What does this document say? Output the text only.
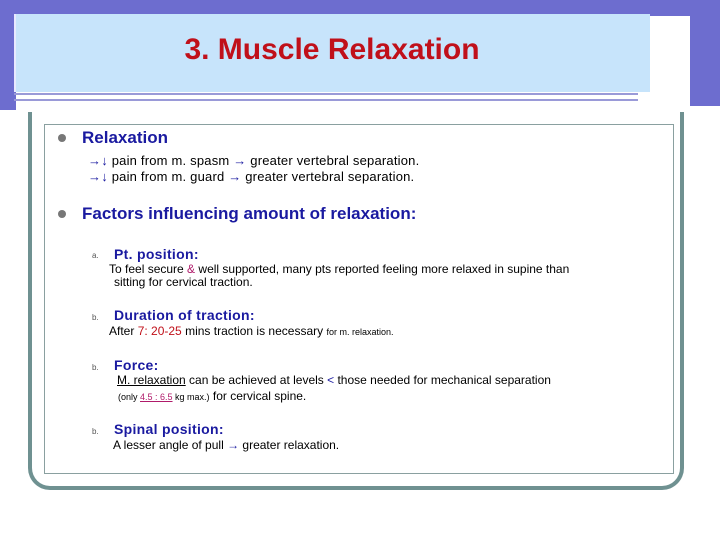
3. Muscle Relaxation
Relaxation
→↓ pain from m. spasm → greater vertebral separation.
→↓ pain from m. guard → greater vertebral separation.
Factors influencing amount of relaxation:
a. Pt. position:
To feel secure & well supported, many pts reported feeling more relaxed in supine than
sitting for cervical traction.
b. Duration of traction:
After 7: 20-25 mins traction is necessary for m. relaxation.
b. Force:
M. relaxation can be achieved at levels < those needed for mechanical separation
(only 4.5 : 6.5 kg max.) for cervical spine.
b. Spinal position:
A lesser angle of pull → greater relaxation.
